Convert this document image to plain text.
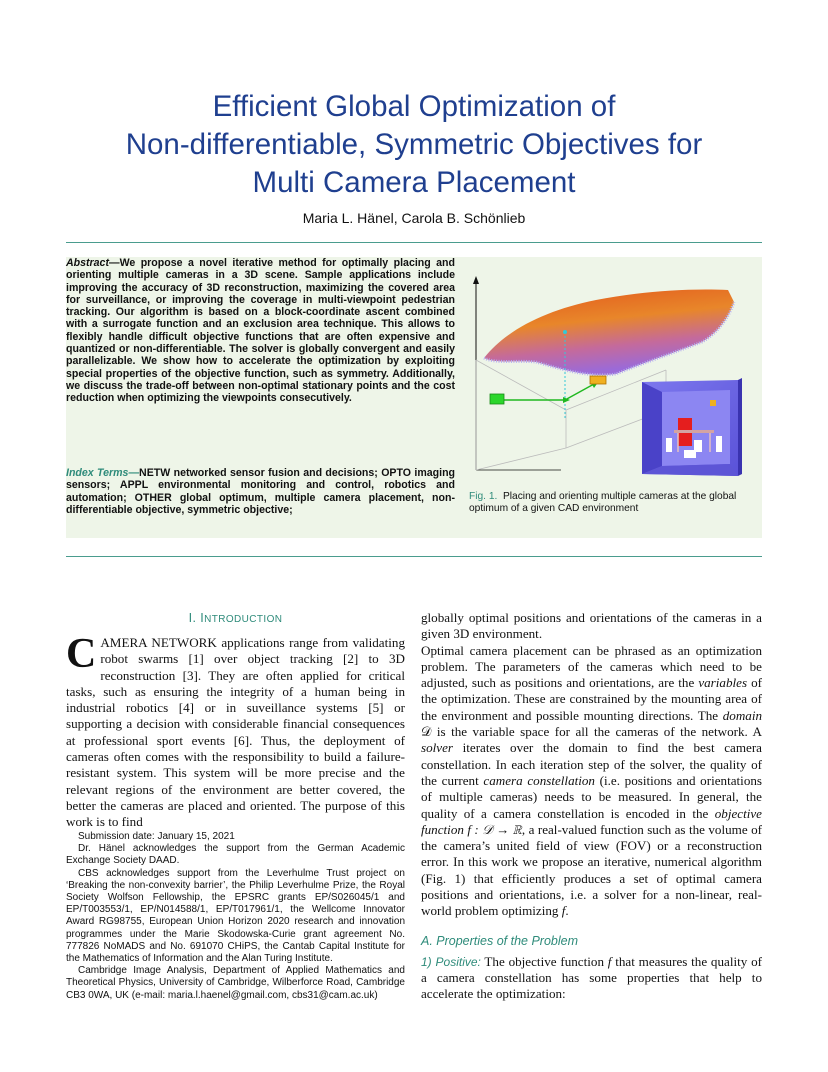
Efficient Global Optimization of
Non-differentiable, Symmetric Objectives for
Multi Camera Placement
Maria L. Hänel, Carola B. Schönlieb
Abstract—We propose a novel iterative method for optimally placing and orienting multiple cameras in a 3D scene. Sample applications include improving the accuracy of 3D reconstruction, maximizing the covered area for surveillance, or improving the coverage in multi-viewpoint pedestrian tracking. Our algorithm is based on a block-coordinate ascent combined with a surrogate function and an exclusion area technique. This allows to flexibly handle difficult objective functions that are often expensive and quantized or non-differentiable. The solver is globally convergent and easily parallelizable. We show how to accelerate the optimization by exploiting special properties of the objective function, such as symmetry. Additionally, we discuss the trade-off between non-optimal stationary points and the cost reduction when optimizing the viewpoints consecutively.
Index Terms—NETW networked sensor fusion and decisions; OPTO imaging sensors; APPL environmental monitoring and control, robotics and automation; OTHER global optimum, multiple camera placement, non-differentiable objective, symmetric objective;
Fig. 1. Placing and orienting multiple cameras at the global optimum of a given CAD environment
I. INTRODUCTION
CAMERA NETWORK applications range from validating robot swarms [1] over object tracking [2] to 3D reconstruction [3]. They are often applied for critical tasks, such as ensuring the integrity of a human being in industrial robotics [4] or in suveillance systems [5] or supporting a decision with considerable financial consequences at professional sport events [6]. Thus, the deployment of cameras often comes with the responsibility to build a failure-resistant system. This system will be more precise and the relevant regions of the environment are better covered, the better the cameras are placed and oriented. The purpose of this work is to find

Submission date: January 15, 2021

Dr. Hänel acknowledges the support from the German Academic Exchange Society DAAD.

CBS acknowledges support from the Leverhulme Trust project on ‘Breaking the non-convexity barrier’, the Philip Leverhulme Prize, the Royal Society Wolfson Fellowship, the EPSRC grants EP/S026045/1 and EP/T003553/1, EP/N014588/1, EP/T017961/1, the Wellcome Innovator Award RG98755, European Union Horizon 2020 research and innovation programmes under the Marie Skodowska-Curie grant agreement No. 777826 NoMADS and No. 691070 CHiPS, the Cantab Capital Institute for the Mathematics of Information and the Alan Turing Institute.

Cambridge Image Analysis, Department of Applied Mathematics and Theoretical Physics, University of Cambridge, Wilberforce Road, Cambridge CB3 0WA, UK (e-mail: maria.l.haenel@gmail.com, cbs31@cam.ac.uk)

globally optimal positions and orientations of the cameras in a given 3D environment.
Optimal camera placement can be phrased as an optimization problem. The parameters of the cameras which need to be adjusted, such as positions and orientations, are the variables of the optimization. These are constrained by the mounting area of the environment and possible mounting directions. The domain 𝒟 is the variable space for all the cameras of the network. A solver iterates over the domain to find the best camera constellation. In each iteration step of the solver, the quality of the current camera constellation (i.e. positions and orientations of multiple cameras) needs to be measured. In general, the quality of a camera constellation is encoded in the objective function f : 𝒟 → ℝ, a real-valued function such as the volume of the camera’s united field of view (FOV) or a reconstruction error. In this work we propose an iterative, numerical algorithm (Fig. 1) that efficiently produces a set of optimal camera positions and orientations, i.e. a solver for a non-linear, real-world problem optimizing f.
A. Properties of the Problem
1) Positive: The objective function f that measures the quality of a camera constellation has some properties that help to accelerate the optimization:
